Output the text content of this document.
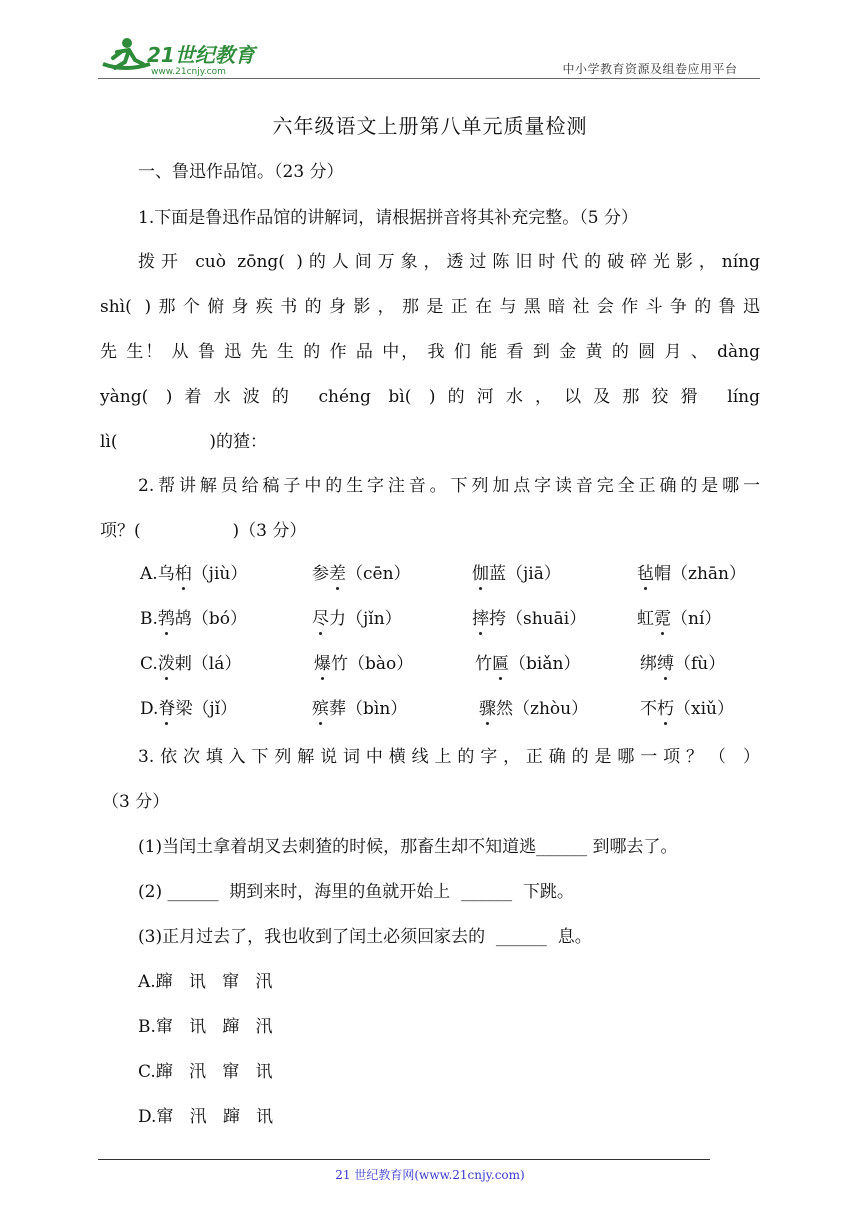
21世纪教育
www.21cnjy.com	中小学教育资源及组卷应用平台
六年级语文上册第八单元质量检测
一、鲁迅作品馆。（23 分）
1.下面是鲁迅作品馆的讲解词，请根据拼音将其补充完整。（5 分）
拨开 cuò zōng( )的人间万象，透过陈旧时代的破碎光影，níng
shì( )那个俯身疾书的身影，那是正在与黑暗社会作斗争的鲁迅
先 生！ 从 鲁 迅 先 生 的 作 品 中， 我 们 能 看 到 金 黄 的 圆 月 、 dàng
yàng( )着水波的 chéng bì( )的河水，以及那狡猾 líng
lì(                 )的猹：
2.帮讲解员给稿子中的生字注音。下列加点字读音完全正确的是哪一
项？(                 )（3 分）
A.乌桕（jiù）	参差（cēn）	伽蓝（jiā）	毡帽（zhān）
B.鹁鸪（bó）	尽力（jǐn）	摔挎（shuāi）	虹霓（ní）
C.泼剌（lá）	爆竹（bào）	竹匾（biǎn）	绑缚（fù）
D.脊梁（jǐ）	殡葬（bìn）	骤然（zhòu）	不朽（xiǔ）
3.依次填入下列解说词中横线上的字，正确的是哪一项？（ ）
（3 分）
(1)当闰土拿着胡叉去刺猹的时候，那畜生却不知道逃______ 到哪去了。
(2) ______  期到来时，海里的鱼就开始上  ______  下跳。
(3)正月过去了，我也收到了闰土必须回家去的  ______  息。
A.蹿   讯   窜   汛
B.窜   讯   蹿   汛
C.蹿   汛   窜   讯
D.窜   汛   蹿   讯
21 世纪教育网(www.21cnjy.com)
